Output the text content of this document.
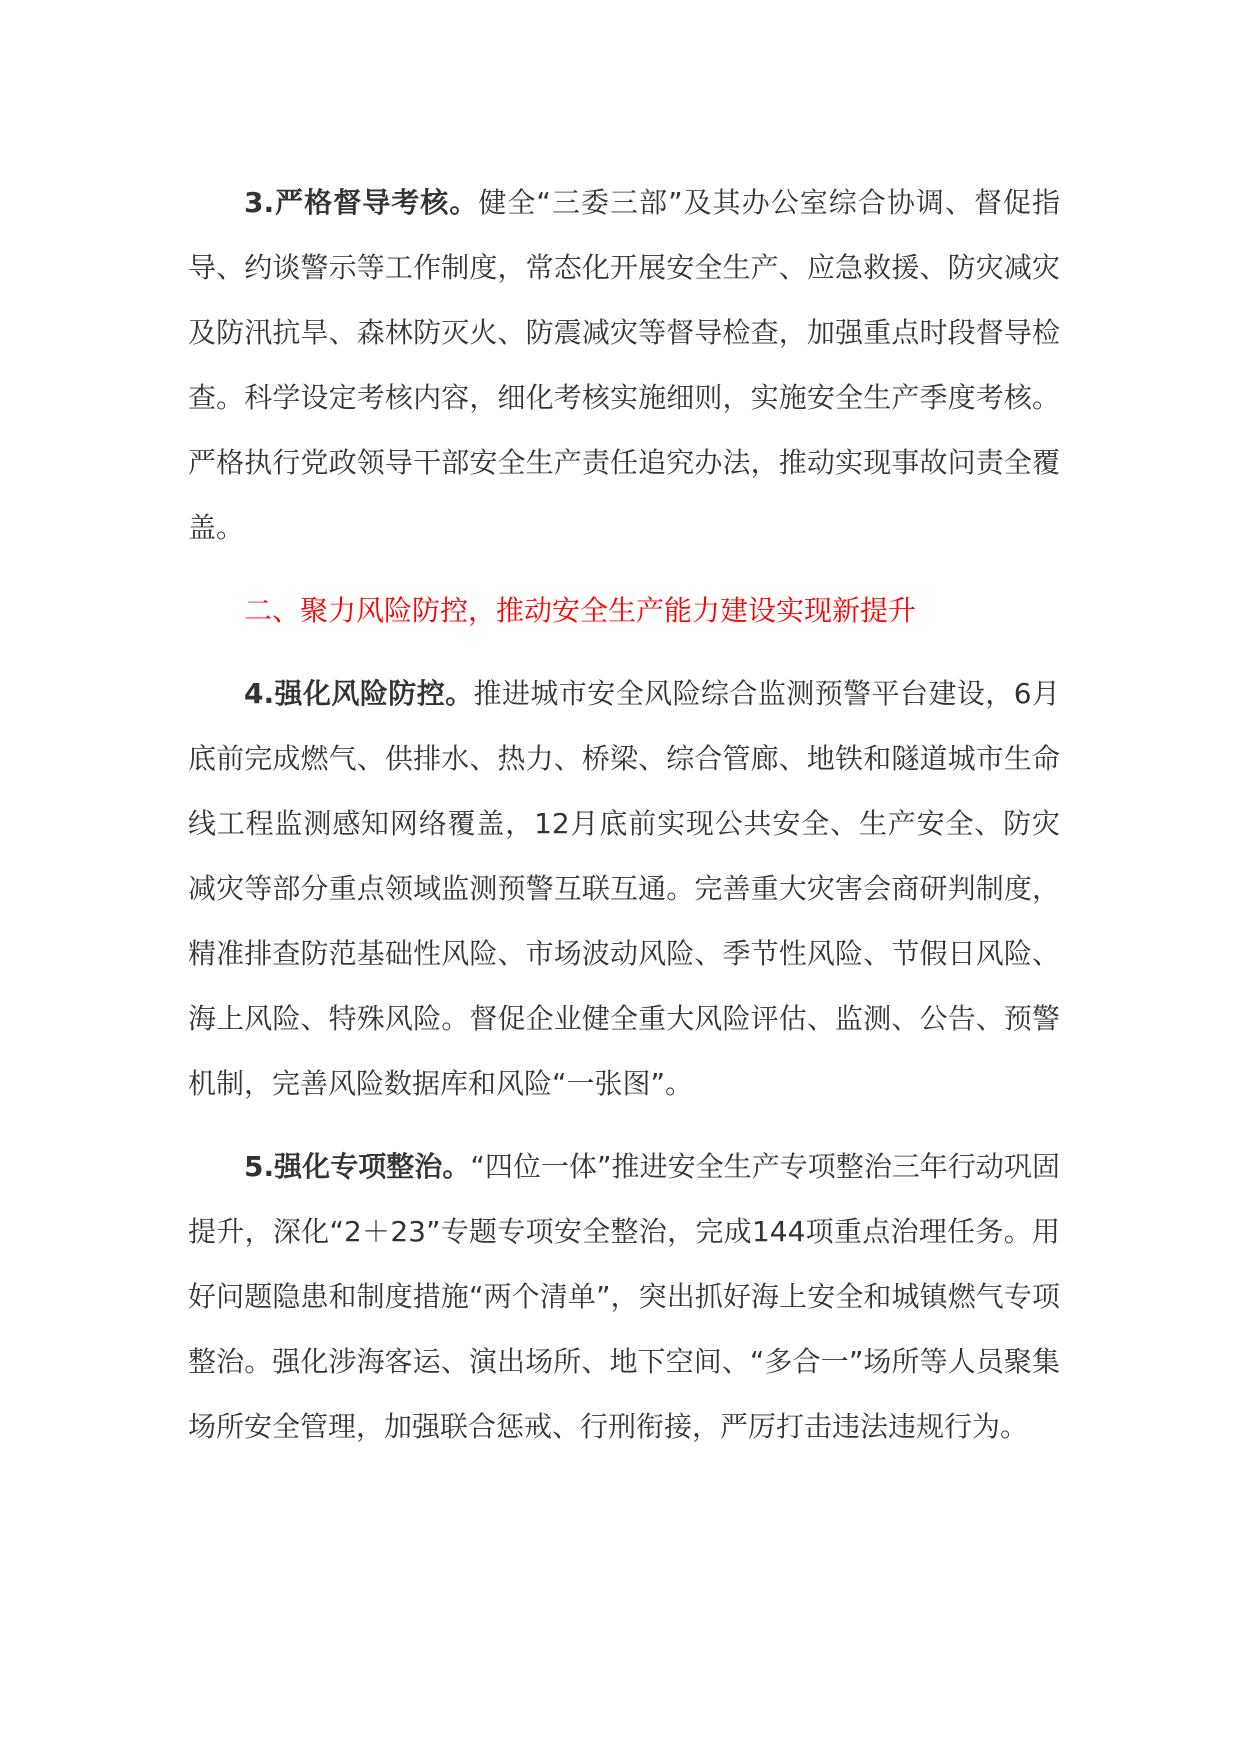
3.严格督导考核。健全“三委三部”及其办公室综合协调、督促指导、约谈警示等工作制度，常态化开展安全生产、应急救援、防灾减灾及防汛抗旱、森林防灭火、防震减灾等督导检查，加强重点时段督导检查。科学设定考核内容，细化考核实施细则，实施安全生产季度考核。严格执行党政领导干部安全生产责任追究办法，推动实现事故问责全覆盖。

二、聚力风险防控，推动安全生产能力建设实现新提升

4.强化风险防控。推进城市安全风险综合监测预警平台建设，6月底前完成燃气、供排水、热力、桥梁、综合管廊、地铁和隧道城市生命线工程监测感知网络覆盖，12月底前实现公共安全、生产安全、防灾减灾等部分重点领域监测预警互联互通。完善重大灾害会商研判制度，精准排查防范基础性风险、市场波动风险、季节性风险、节假日风险、海上风险、特殊风险。督促企业健全重大风险评估、监测、公告、预警机制，完善风险数据库和风险“一张图”。

5.强化专项整治。“四位一体”推进安全生产专项整治三年行动巩固提升，深化“2＋23”专题专项安全整治，完成144项重点治理任务。用好问题隐患和制度措施“两个清单”，突出抓好海上安全和城镇燃气专项整治。强化涉海客运、演出场所、地下空间、“多合一”场所等人员聚集场所安全管理，加强联合惩戒、行刑衔接，严厉打击违法违规行为。
